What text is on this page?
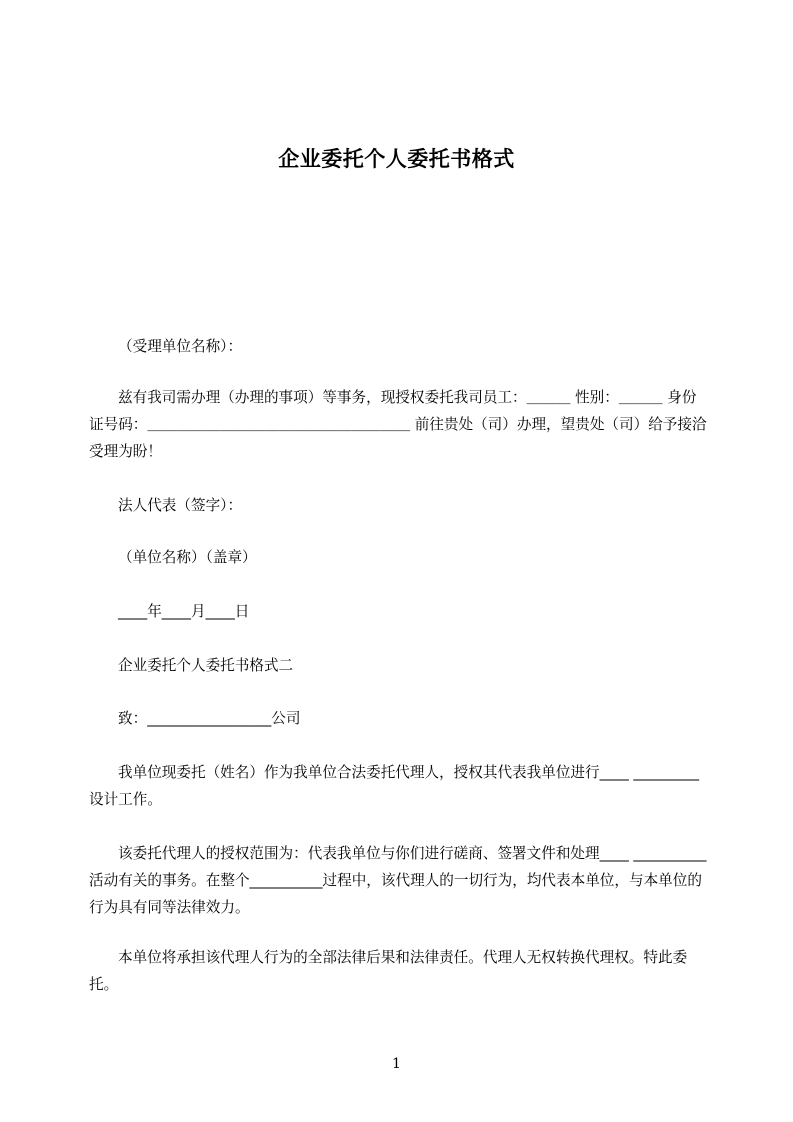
企业委托个人委托书格式

（受理单位名称）：

兹有我司需办理（办理的事项）等事务，现授权委托我司员工：＿＿＿ 性别：＿＿＿ 身份证号码：＿＿＿＿＿＿＿＿＿＿＿＿＿＿＿＿＿＿ 前往贵处（司）办理，望贵处（司）给予接洽受理为盼！

法人代表（签字）：

（单位名称）（盖章）

____年____月____日

企业委托个人委托书格式二

致：_________________公司

我单位现委托（姓名）作为我单位合法委托代理人，授权其代表我单位进行____ _________设计工作。

该委托代理人的授权范围为：代表我单位与你们进行磋商、签署文件和处理____ __________活动有关的事务。在整个__________过程中，该代理人的一切行为，均代表本单位，与本单位的行为具有同等法律效力。

本单位将承担该代理人行为的全部法律后果和法律责任。代理人无权转换代理权。特此委托。

1
